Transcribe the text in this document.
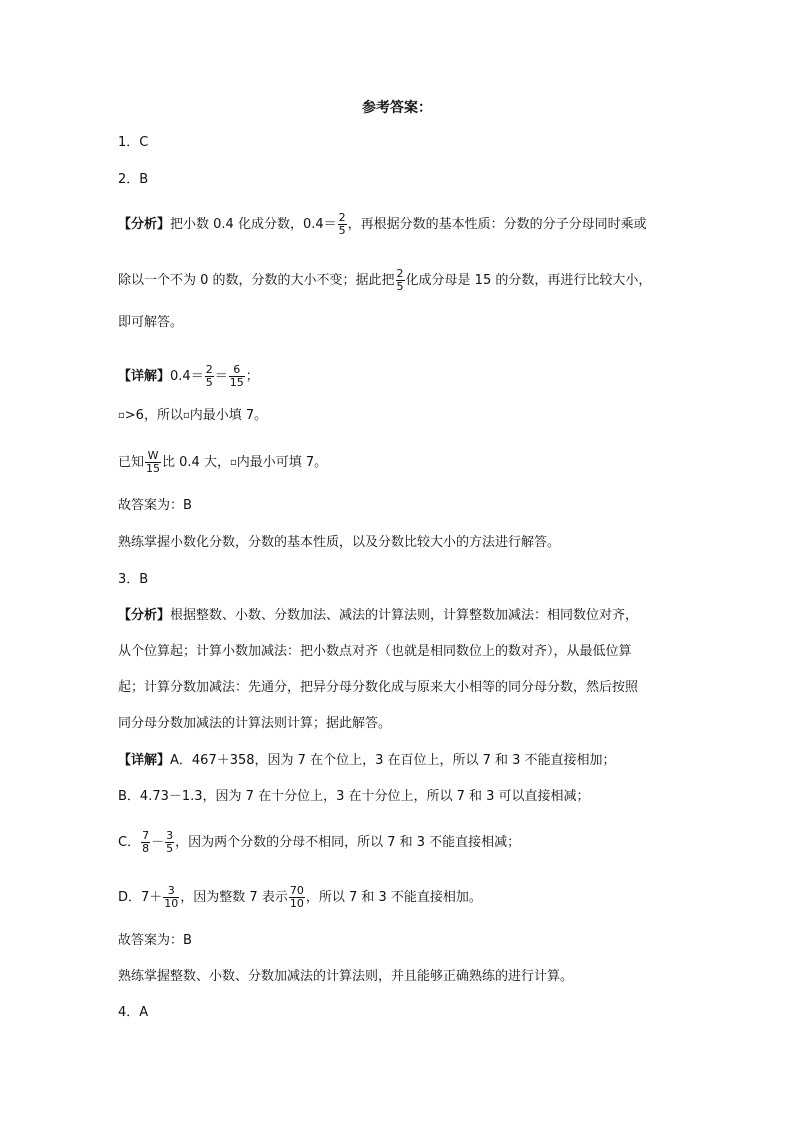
参考答案：
1．C
2．B
【分析】 把小数 0.4 化成分数，$0.4= \frac{2}{5}$ ，再根据分数的基本性质：分数的分子分母同时乘或
除以一个不为 0 的数，分数的大小不变；据此把 $\frac{2}{5}$ 化成分母是 15 的分数，再进行比较大小，
即可解答。
【详解】 $0.4= \frac{2}{5} = \frac{6}{15}$ ；
▫ >6，所以 ▫ 内最小填 7。
已知 $\frac{W}{15}$ 比 0.4 大， ▫ 内最小可填 7。
故答案为：B
熟练掌握小数化分数，分数的基本性质，以及分数比较大小的方法进行解答。
3．B
【分析】 根据整数、小数、分数加法、减法的计算法则，计算整数加减法：相同数位对齐，
从个位算起；计算小数加减法：把小数点对齐（也就是相同数位上的数对齐），从最低位算
起；计算分数加减法：先通分，把异分母分数化成与原来大小相等的同分母分数，然后按照
同分母分数加减法的计算法则计算；据此解答。
【详解】 A．467＋358，因为 7 在个位上，3 在百位上，所以 7 和 3 不能直接相加；
B．4.73－1.3，因为 7 在十分位上，3 在十分位上，所以 7 和 3 可以直接相减；
C． $\frac{7}{8} - \frac{3}{5}$ ，因为两个分数的分母不相同，所以 7 和 3 不能直接相减；
D．$7+ \frac{3}{10}$ ，因为整数 7 表示 $\frac{70}{10}$ ，所以 7 和 3 不能直接相加。
故答案为：B
熟练掌握整数、小数、分数加减法的计算法则，并且能够正确熟练的进行计算。
4．A
